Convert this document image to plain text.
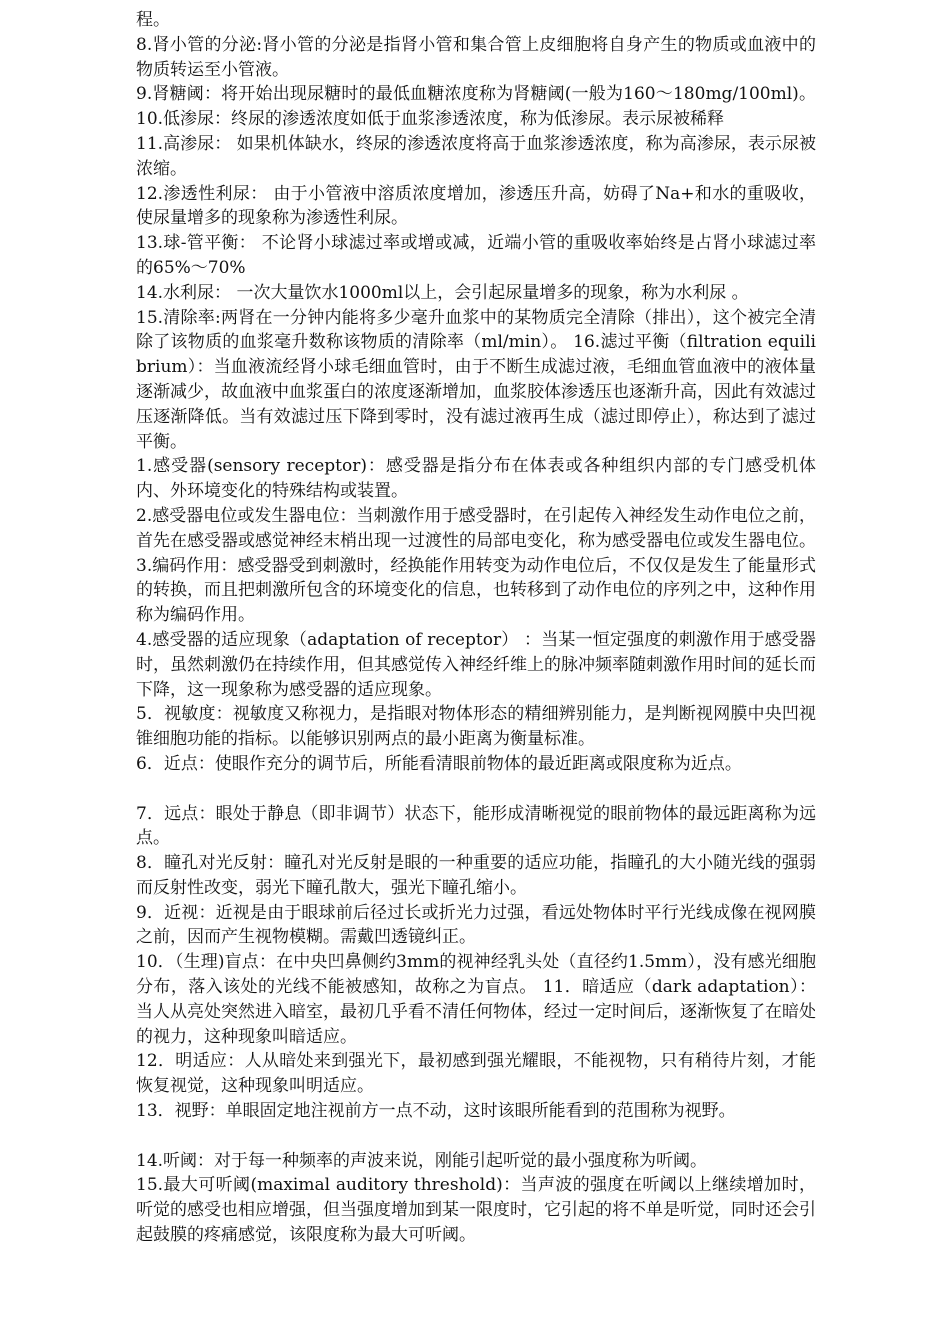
程。

8.肾小管的分泌:肾小管的分泌是指肾小管和集合管上皮细胞将自身产生的物质或血液中的物质转运至小管液。

9.肾糖阈：将开始出现尿糖时的最低血糖浓度称为肾糖阈(一般为160～180mg/100ml)。 10.低渗尿：终尿的渗透浓度如低于血浆渗透浓度，称为低渗尿。表示尿被稀释

11.高渗尿： 如果机体缺水，终尿的渗透浓度将高于血浆渗透浓度，称为高渗尿，表示尿被浓缩。

12.渗透性利尿： 由于小管液中溶质浓度增加，渗透压升高，妨碍了Na+和水的重吸收，使尿量增多的现象称为渗透性利尿。

13.球-管平衡： 不论肾小球滤过率或增或减，近端小管的重吸收率始终是占肾小球滤过率的65%～70%

14.水利尿： 一次大量饮水1000ml以上，会引起尿量增多的现象，称为水利尿 。

15.清除率:两肾在一分钟内能将多少毫升血浆中的某物质完全清除（排出），这个被完全清除了该物质的血浆毫升数称该物质的清除率（ml/min）。 16.滤过平衡（filtration equilibrium）：当血液流经肾小球毛细血管时，由于不断生成滤过液，毛细血管血液中的液体量逐渐减少，故血液中血浆蛋白的浓度逐渐增加，血浆胶体渗透压也逐渐升高，因此有效滤过压逐渐降低。当有效滤过压下降到零时，没有滤过液再生成（滤过即停止），称达到了滤过平衡。

1.感受器(sensory receptor)：感受器是指分布在体表或各种组织内部的专门感受机体内、外环境变化的特殊结构或装置。

2.感受器电位或发生器电位：当刺激作用于感受器时，在引起传入神经发生动作电位之前，首先在感受器或感觉神经末梢出现一过渡性的局部电变化，称为感受器电位或发生器电位。

3.编码作用：感受器受到刺激时，经换能作用转变为动作电位后，不仅仅是发生了能量形式的转换，而且把刺激所包含的环境变化的信息，也转移到了动作电位的序列之中，这种作用称为编码作用。

4.感受器的适应现象（adaptation of receptor） ：当某一恒定强度的刺激作用于感受器时，虽然刺激仍在持续作用，但其感觉传入神经纤维上的脉冲频率随刺激作用时间的延长而下降，这一现象称为感受器的适应现象。

5．视敏度：视敏度又称视力，是指眼对物体形态的精细辨别能力，是判断视网膜中央凹视锥细胞功能的指标。以能够识别两点的最小距离为衡量标准。

6．近点：使眼作充分的调节后，所能看清眼前物体的最近距离或限度称为近点。

7．远点：眼处于静息（即非调节）状态下，能形成清晰视觉的眼前物体的最远距离称为远点。

8．瞳孔对光反射：瞳孔对光反射是眼的一种重要的适应功能，指瞳孔的大小随光线的强弱而反射性改变，弱光下瞳孔散大，强光下瞳孔缩小。

9．近视：近视是由于眼球前后径过长或折光力过强，看远处物体时平行光线成像在视网膜之前，因而产生视物模糊。需戴凹透镜纠正。

10．（生理)盲点：在中央凹鼻侧约3mm的视神经乳头处（直径约1.5mm），没有感光细胞分布，落入该处的光线不能被感知，故称之为盲点。 11．暗适应（dark adaptation）：当人从亮处突然进入暗室，最初几乎看不清任何物体，经过一定时间后，逐渐恢复了在暗处的视力，这种现象叫暗适应。

12．明适应：人从暗处来到强光下，最初感到强光耀眼，不能视物，只有稍待片刻，才能恢复视觉，这种现象叫明适应。

13．视野：单眼固定地注视前方一点不动，这时该眼所能看到的范围称为视野。

14.听阈：对于每一种频率的声波来说，刚能引起听觉的最小强度称为听阈。

15.最大可听阈(maximal auditory threshold)：当声波的强度在听阈以上继续增加时，听觉的感受也相应增强，但当强度增加到某一限度时，它引起的将不单是听觉，同时还会引起鼓膜的疼痛感觉，该限度称为最大可听阈。
